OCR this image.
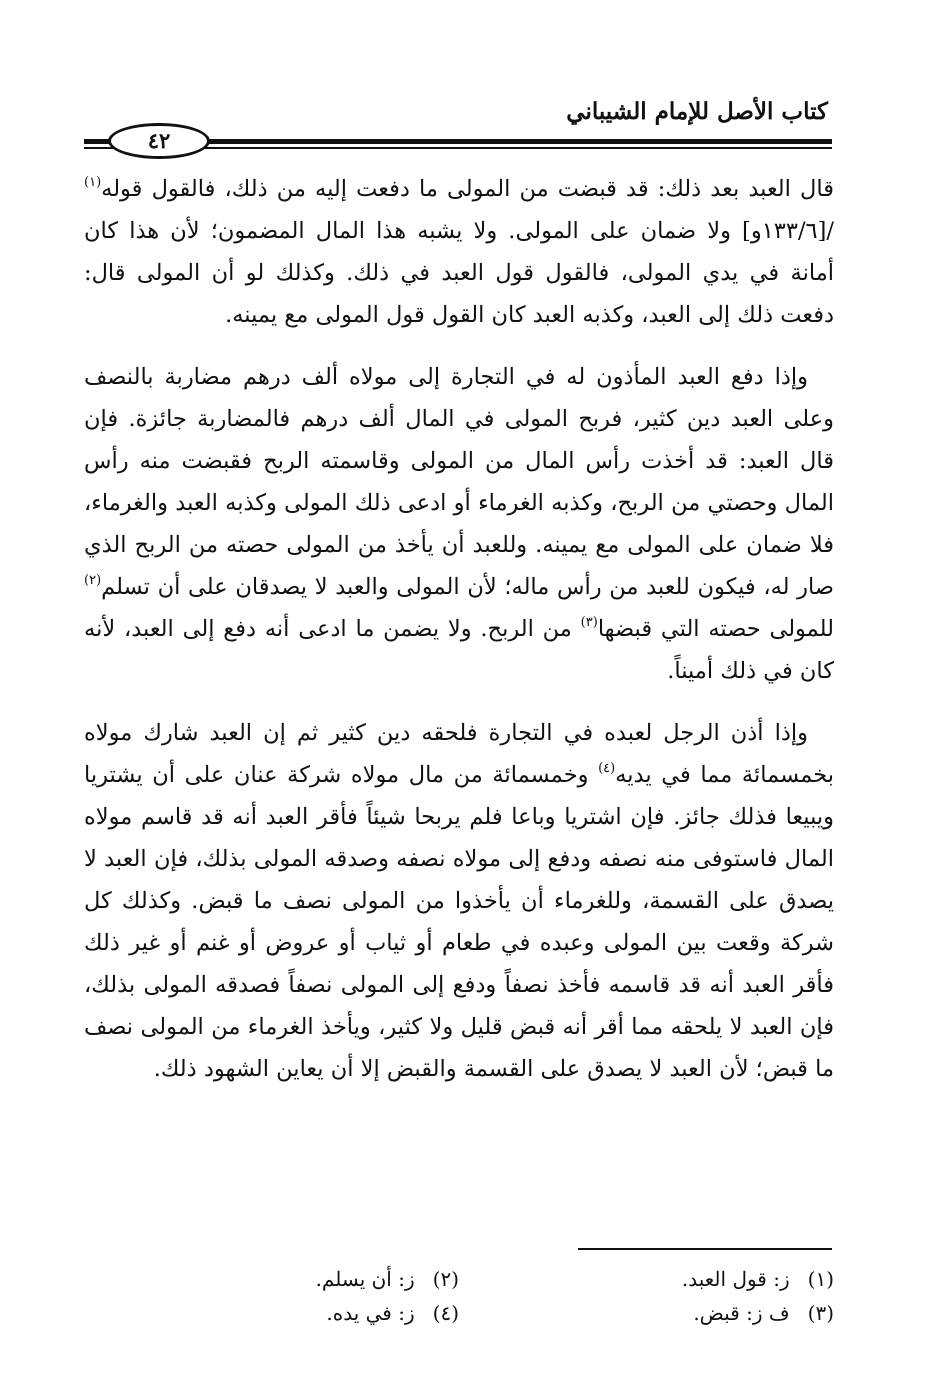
كتاب الأصل للإمام الشيباني
٤٢

قال العبد بعد ذلك: قد قبضت من المولى ما دفعت إليه من ذلك، فالقول قوله$^{(١)}$ /[١٣٣/٦و] ولا ضمان على المولى. ولا يشبه هذا المال المضمون؛ لأن هذا كان أمانة في يدي المولى، فالقول قول العبد في ذلك. وكذلك لو أن المولى قال: دفعت ذلك إلى العبد، وكذبه العبد كان القول قول المولى مع يمينه.

وإذا دفع العبد المأذون له في التجارة إلى مولاه ألف درهم مضاربة بالنصف وعلى العبد دين كثير، فربح المولى في المال ألف درهم فالمضاربة جائزة. فإن قال العبد: قد أخذت رأس المال من المولى وقاسمته الربح فقبضت منه رأس المال وحصتي من الربح، وكذبه الغرماء أو ادعى ذلك المولى وكذبه العبد والغرماء، فلا ضمان على المولى مع يمينه. وللعبد أن يأخذ من المولى حصته من الربح الذي صار له، فيكون للعبد من رأس ماله؛ لأن المولى والعبد لا يصدقان على أن تسلم$^{(٢)}$ للمولى حصته التي قبضها$^{(٣)}$ من الربح. ولا يضمن ما ادعى أنه دفع إلى العبد، لأنه كان في ذلك أميناً.

وإذا أذن الرجل لعبده في التجارة فلحقه دين كثير ثم إن العبد شارك مولاه بخمسمائة مما في يديه$^{(٤)}$ وخمسمائة من مال مولاه شركة عنان على أن يشتريا ويبيعا فذلك جائز. فإن اشتريا وباعا فلم يربحا شيئاً فأقر العبد أنه قد قاسم مولاه المال فاستوفى منه نصفه ودفع إلى مولاه نصفه وصدقه المولى بذلك، فإن العبد لا يصدق على القسمة، وللغرماء أن يأخذوا من المولى نصف ما قبض. وكذلك كل شركة وقعت بين المولى وعبده في طعام أو ثياب أو عروض أو غنم أو غير ذلك فأقر العبد أنه قد قاسمه فأخذ نصفاً ودفع إلى المولى نصفاً فصدقه المولى بذلك، فإن العبد لا يلحقه مما أقر أنه قبض قليل ولا كثير، ويأخذ الغرماء من المولى نصف ما قبض؛ لأن العبد لا يصدق على القسمة والقبض إلا أن يعاين الشهود ذلك.

(١)ز: قول العبد.
(٢)ز: أن يسلم.
(٣)ف ز: قبض.
(٤)ز: في يده.
